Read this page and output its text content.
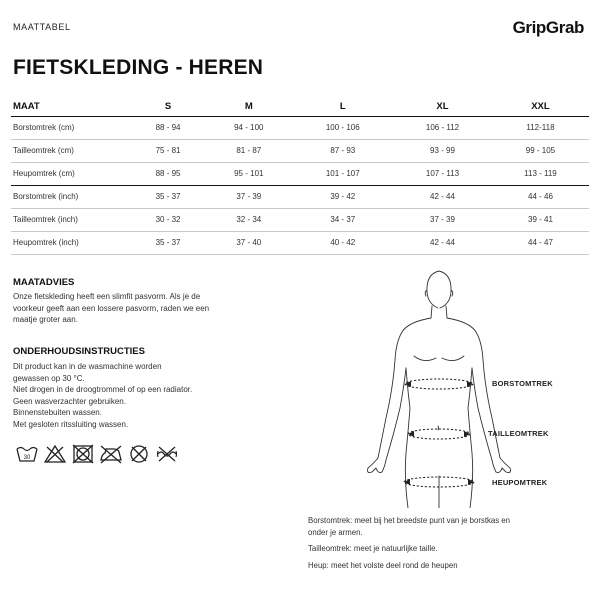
MAATTABEL	GripGrab
FIETSKLEDING - HEREN
MAAT	S	M	L	XL	XXL
Borstomtrek (cm)	88 - 94	94 - 100	100 - 106	106 - 112	112-118
Tailleomtrek (cm)	75 - 81	81 - 87	87 - 93	93 - 99	99 - 105
Heupomtrek (cm)	88 - 95	95 - 101	101 - 107	107 - 113	113 - 119
Borstomtrek (inch)	35 - 37	37 - 39	39 - 42	42 - 44	44 - 46
Tailleomtrek (inch)	30 - 32	32 - 34	34 - 37	37 - 39	39 - 41
Heupomtrek (inch)	35 - 37	37 - 40	40 - 42	42 - 44	44 - 47
MAATADVIES
Onze fietskleding heeft een slimfit pasvorm. Als je de
voorkeur geeft aan een lossere pasvorm, raden we een
maatje groter aan.
ONDERHOUDSINSTRUCTIES
Dit product kan in de wasmachine worden
gewassen op 30 °C.
Niet drogen in de droogtrommel of op een radiator.
Geen wasverzachter gebruiken.
Binnenstebuiten wassen.
Met gesloten ritssluiting wassen.
30
BORSTOMTREK
TAILLEOMTREK
HEUPOMTREK
Borstomtrek: meet bij het breedste punt van je borstkas en
onder je armen.
Tailleomtrek: meet je natuurlijke taille.
Heup: meet het volste deel rond de heupen
